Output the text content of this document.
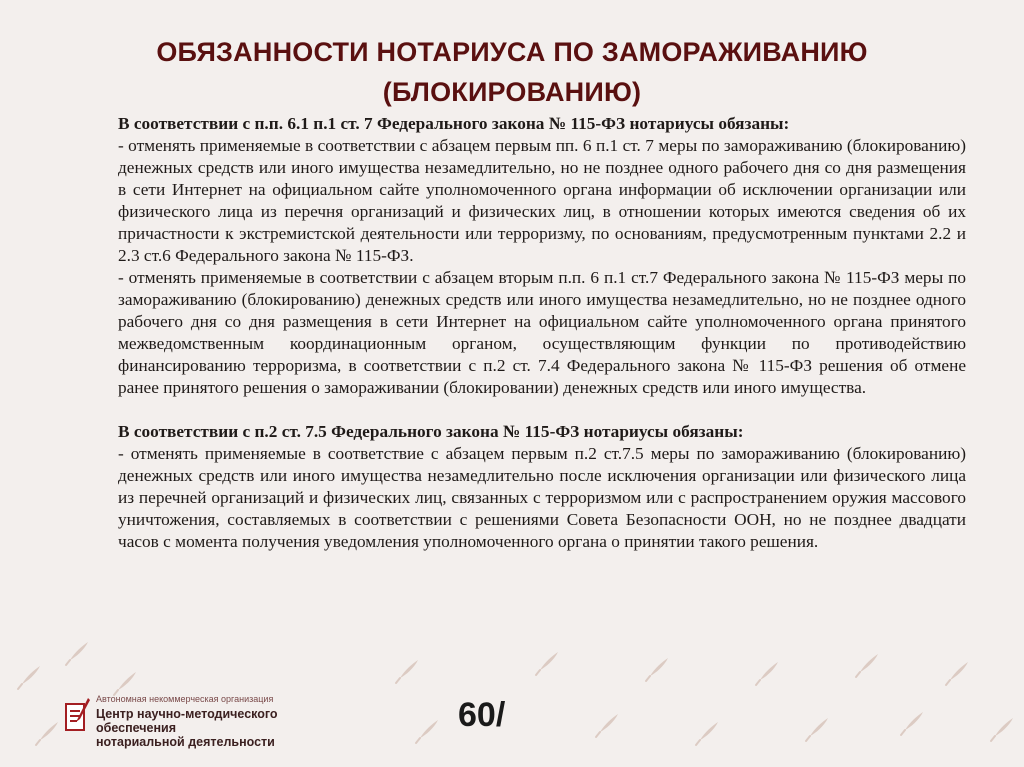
ОБЯЗАННОСТИ НОТАРИУСА ПО ЗАМОРАЖИВАНИЮ
(БЛОКИРОВАНИЮ)

В соответствии с п.п. 6.1 п.1 ст. 7 Федерального закона № 115-ФЗ нотариусы обязаны:

- отменять применяемые в соответствии с абзацем первым пп. 6 п.1 ст. 7 меры по замораживанию (блокированию) денежных средств или иного имущества незамедлительно, но не позднее одного рабочего дня со дня размещения в сети Интернет на официальном сайте уполномоченного органа информации об исключении организации или физического лица из перечня организаций и физических лиц, в отношении которых имеются сведения об их причастности к экстремистской деятельности или терроризму, по основаниям, предусмотренным пунктами 2.2 и 2.3 ст.6 Федерального закона № 115-ФЗ.

- отменять применяемые в соответствии с абзацем вторым п.п. 6 п.1 ст.7 Федерального закона № 115-ФЗ меры по замораживанию (блокированию) денежных средств или иного имущества незамедлительно, но не позднее одного рабочего дня со дня размещения в сети Интернет на официальном сайте уполномоченного органа принятого межведомственным координационным органом, осуществляющим функции по противодействию финансированию терроризма, в соответствии с п.2 ст. 7.4 Федерального закона № 115-ФЗ решения об отмене ранее принятого решения о замораживании (блокировании) денежных средств или иного имущества.

В соответствии с п.2 ст. 7.5 Федерального закона № 115-ФЗ нотариусы обязаны:

- отменять применяемые в соответствие с абзацем первым п.2 ст.7.5 меры по замораживанию (блокированию) денежных средств или иного имущества незамедлительно после исключения организации или физического лица из перечней организаций и физических лиц, связанных с терроризмом или с распространением оружия массового уничтожения, составляемых в соответствии с решениями Совета Безопасности ООН, но не позднее двадцати часов с момента получения уведомления уполномоченного органа о принятии такого решения.

Автономная некоммерческая организация
Центр научно-методического обеспечения
нотариальной деятельности
60/
